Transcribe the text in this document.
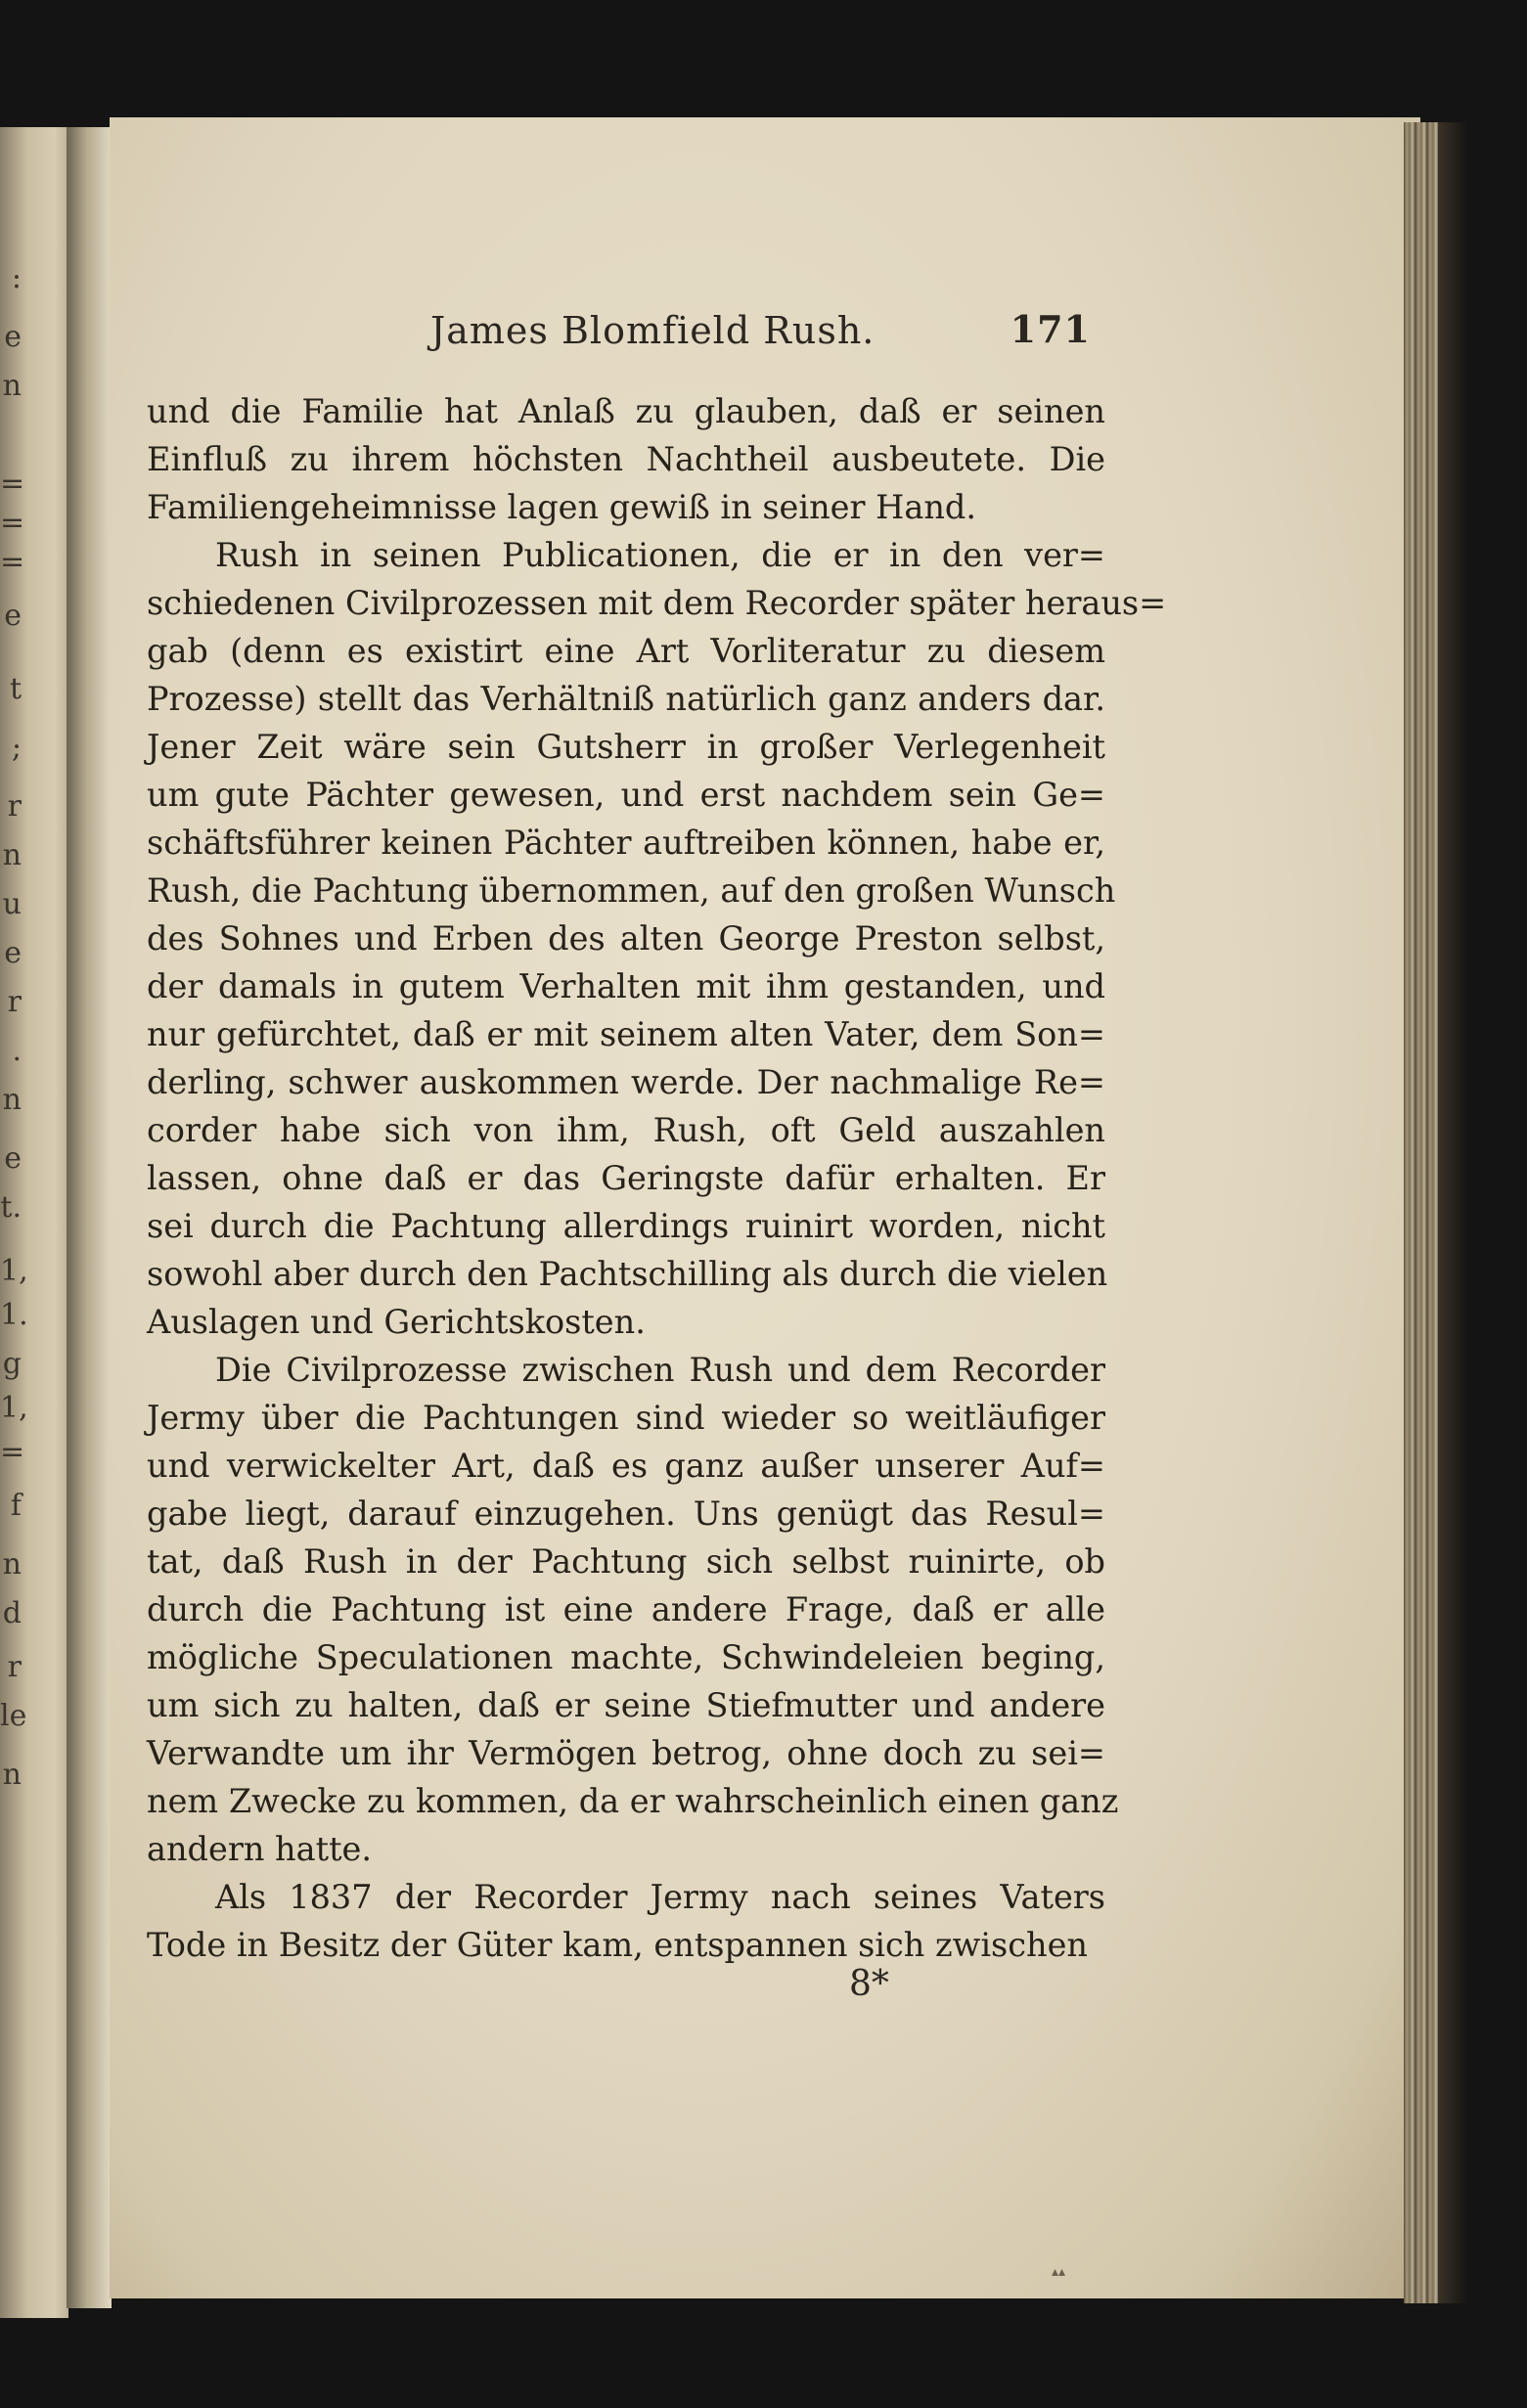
:
e
n
=
=
=
e
t
;
r
n
u
e
r
.
n
e
t.
1,
1.
g
1,
=
f
n
d
r
le
n
James Blomfield Rush.	171
und die Familie hat Anlaß zu glauben, daß er seinen
Einfluß zu ihrem höchsten Nachtheil ausbeutete. Die
Familiengeheimnisse lagen gewiß in seiner Hand.
Rush in seinen Publicationen, die er in den ver=
schiedenen Civilprozessen mit dem Recorder später heraus=
gab (denn es existirt eine Art Vorliteratur zu diesem
Prozesse) stellt das Verhältniß natürlich ganz anders dar.
Jener Zeit wäre sein Gutsherr in großer Verlegenheit
um gute Pächter gewesen, und erst nachdem sein Ge=
schäftsführer keinen Pächter auftreiben können, habe er,
Rush, die Pachtung übernommen, auf den großen Wunsch
des Sohnes und Erben des alten George Preston selbst,
der damals in gutem Verhalten mit ihm gestanden, und
nur gefürchtet, daß er mit seinem alten Vater, dem Son=
derling, schwer auskommen werde. Der nachmalige Re=
corder habe sich von ihm, Rush, oft Geld auszahlen
lassen, ohne daß er das Geringste dafür erhalten. Er
sei durch die Pachtung allerdings ruinirt worden, nicht
sowohl aber durch den Pachtschilling als durch die vielen
Auslagen und Gerichtskosten.
Die Civilprozesse zwischen Rush und dem Recorder
Jermy über die Pachtungen sind wieder so weitläufiger
und verwickelter Art, daß es ganz außer unserer Auf=
gabe liegt, darauf einzugehen. Uns genügt das Resul=
tat, daß Rush in der Pachtung sich selbst ruinirte, ob
durch die Pachtung ist eine andere Frage, daß er alle
mögliche Speculationen machte, Schwindeleien beging,
um sich zu halten, daß er seine Stiefmutter und andere
Verwandte um ihr Vermögen betrog, ohne doch zu sei=
nem Zwecke zu kommen, da er wahrscheinlich einen ganz
andern hatte.
Als 1837 der Recorder Jermy nach seines Vaters
Tode in Besitz der Güter kam, entspannen sich zwischen
8*
▴▴
